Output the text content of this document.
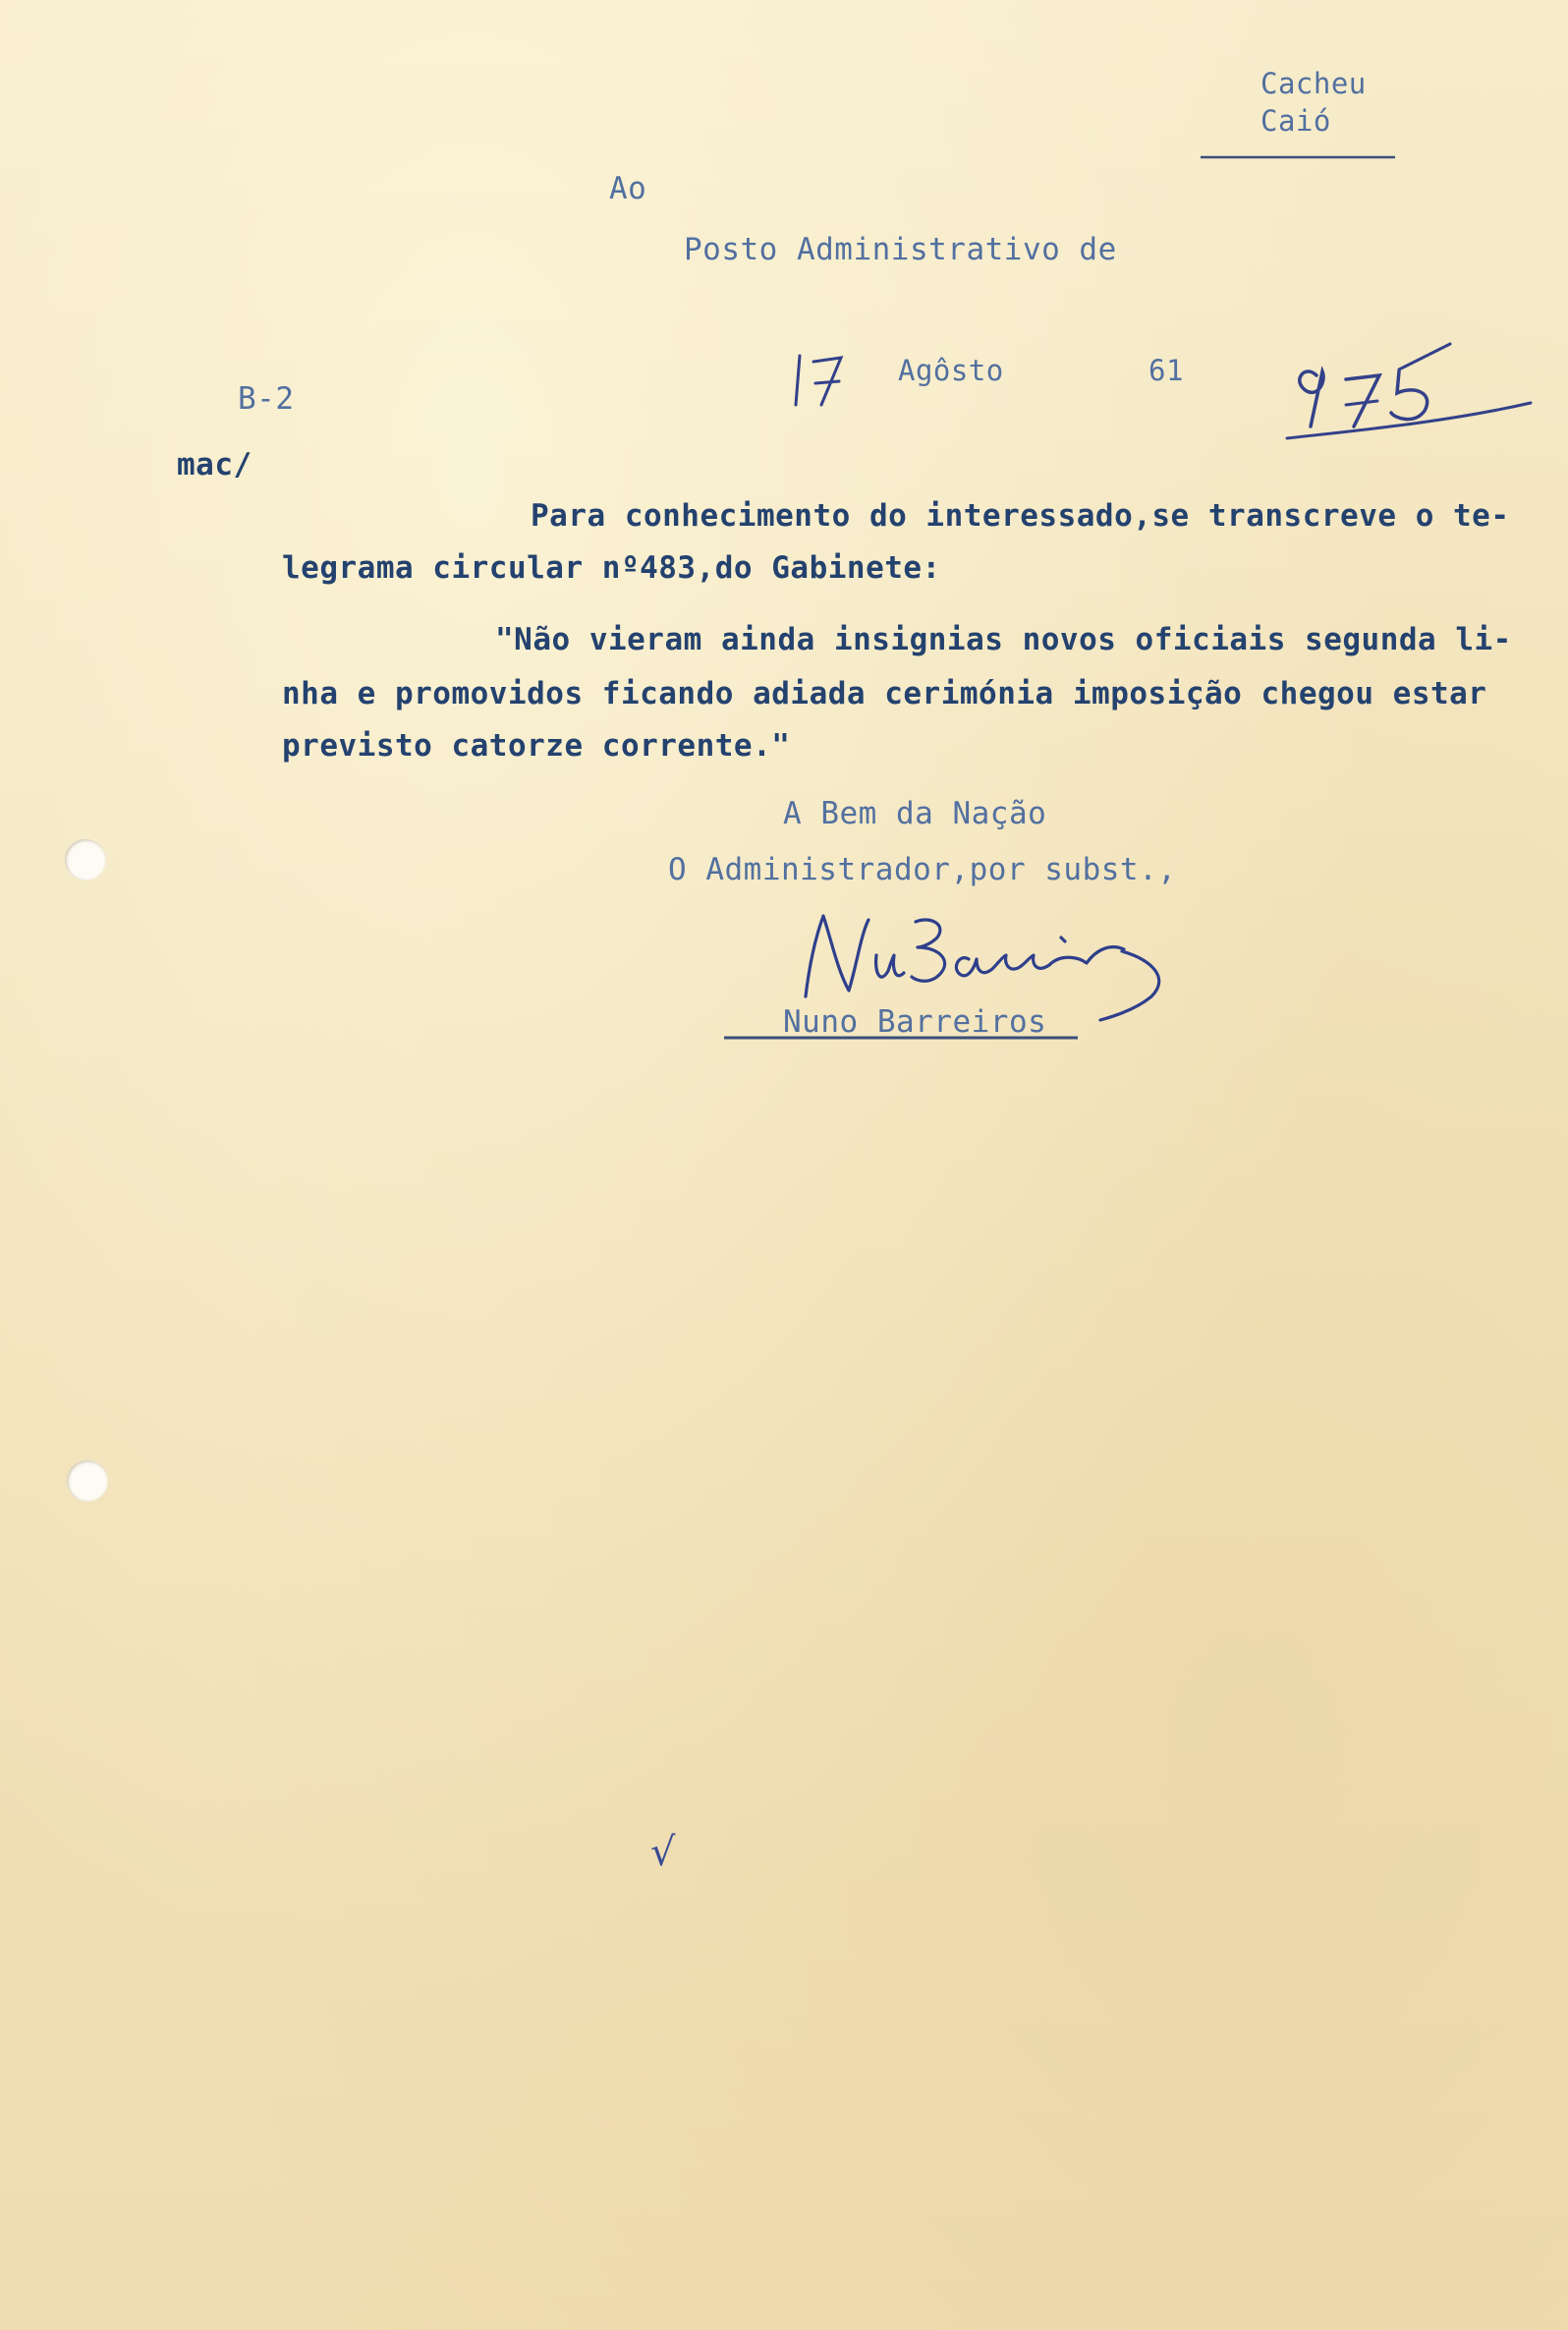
Cacheu
Caió
Ao
Posto Administrativo de
B-2
mac/
Agôsto	61
Para conhecimento do interessado,se transcreve o te-
legrama circular nº483,do Gabinete:
"Não vieram ainda insignias novos oficiais segunda li-
nha e promovidos ficando adiada cerimónia imposição chegou estar
previsto catorze corrente."
A Bem da Nação
O Administrador,por subst.,
Nuno Barreiros
√
